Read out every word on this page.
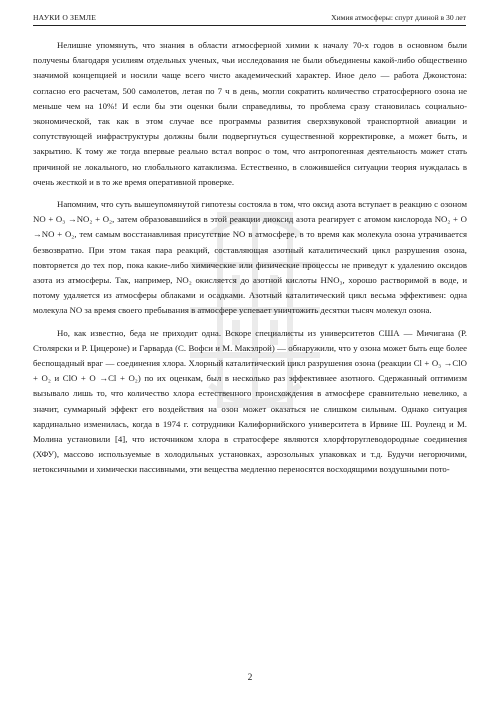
НАУКИ О ЗЕМЛЕ	Химия атмосферы: спурт длиной в 30 лет

Нелишне упомянуть, что знания в области атмосферной химии к началу 70-х годов в основном были получены благодаря усилиям отдельных ученых, чьи исследования не были объединены какой-либо общественно значимой концепцией и носили чаще всего чисто академический характер. Иное дело — работа Джонстона: согласно его расчетам, 500 самолетов, летая по 7 ч в день, могли сократить количество стратосферного озона не меньше чем на 10%! И если бы эти оценки были справедливы, то проблема сразу становилась социально-экономической, так как в этом случае все программы развития сверхзвуковой транспортной авиации и сопутствующей инфраструктуры должны были подвергнуться существенной корректировке, а может быть, и закрытию. К тому же тогда впервые реально встал вопрос о том, что антропогенная деятельность может стать причиной не локального, но глобального катаклизма. Естественно, в сложившейся ситуации теория нуждалась в очень жесткой и в то же время оперативной проверке.

Напомним, что суть вышеупомянутой гипотезы состояла в том, что оксид азота вступает в реакцию с озоном NO + O₃ →NO₂ + O₂, затем образовавшийся в этой реакции диоксид азота реагирует с атомом кислорода NO₂ + O →NO + O₂, тем самым восстанавливая присутствие NO в атмосфере, в то время как молекула озона утрачивается безвозвратно. При этом такая пара реакций, составляющая азотный каталитический цикл разрушения озона, повторяется до тех пор, пока какие-либо химические или физические процессы не приведут к удалению оксидов азота из атмосферы. Так, например, NO₂ окисляется до азотной кислоты HNO₃, хорошо растворимой в воде, и потому удаляется из атмосферы облаками и осадками. Азотный каталитический цикл весьма эффективен: одна молекула NO за время своего пребывания в атмосфере успевает уничтожить десятки тысяч молекул озона.

Но, как известно, беда не приходит одна. Вскоре специалисты из университетов США — Мичигана (Р. Столярски и Р. Цицероне) и Гарварда (С. Вофси и М. Макэлрой) — обнаружили, что у озона может быть еще более беспощадный враг — соединения хлора. Хлорный каталитический цикл разрушения озона (реакции Cl + O₃ →ClO + O₂ и ClO + O →Cl + O₂) по их оценкам, был в несколько раз эффективнее азотного. Сдержанный оптимизм вызывало лишь то, что количество хлора естественного происхождения в атмосфере сравнительно невелико, а значит, суммарный эффект его воздействия на озон может оказаться не слишком сильным. Однако ситуация кардинально изменилась, когда в 1974 г. сотрудники Калифорнийского университета в Ирвине Ш. Роуленд и М. Молина установили [4], что источником хлора в стратосфере являются хлорфторуглеводородные соединения (ХФУ), массово используемые в холодильных установках, аэрозольных упаковках и т.д. Будучи негорючими, нетоксичными и химически пассивными, эти вещества медленно переносятся восходящими воздушными пото-

2
